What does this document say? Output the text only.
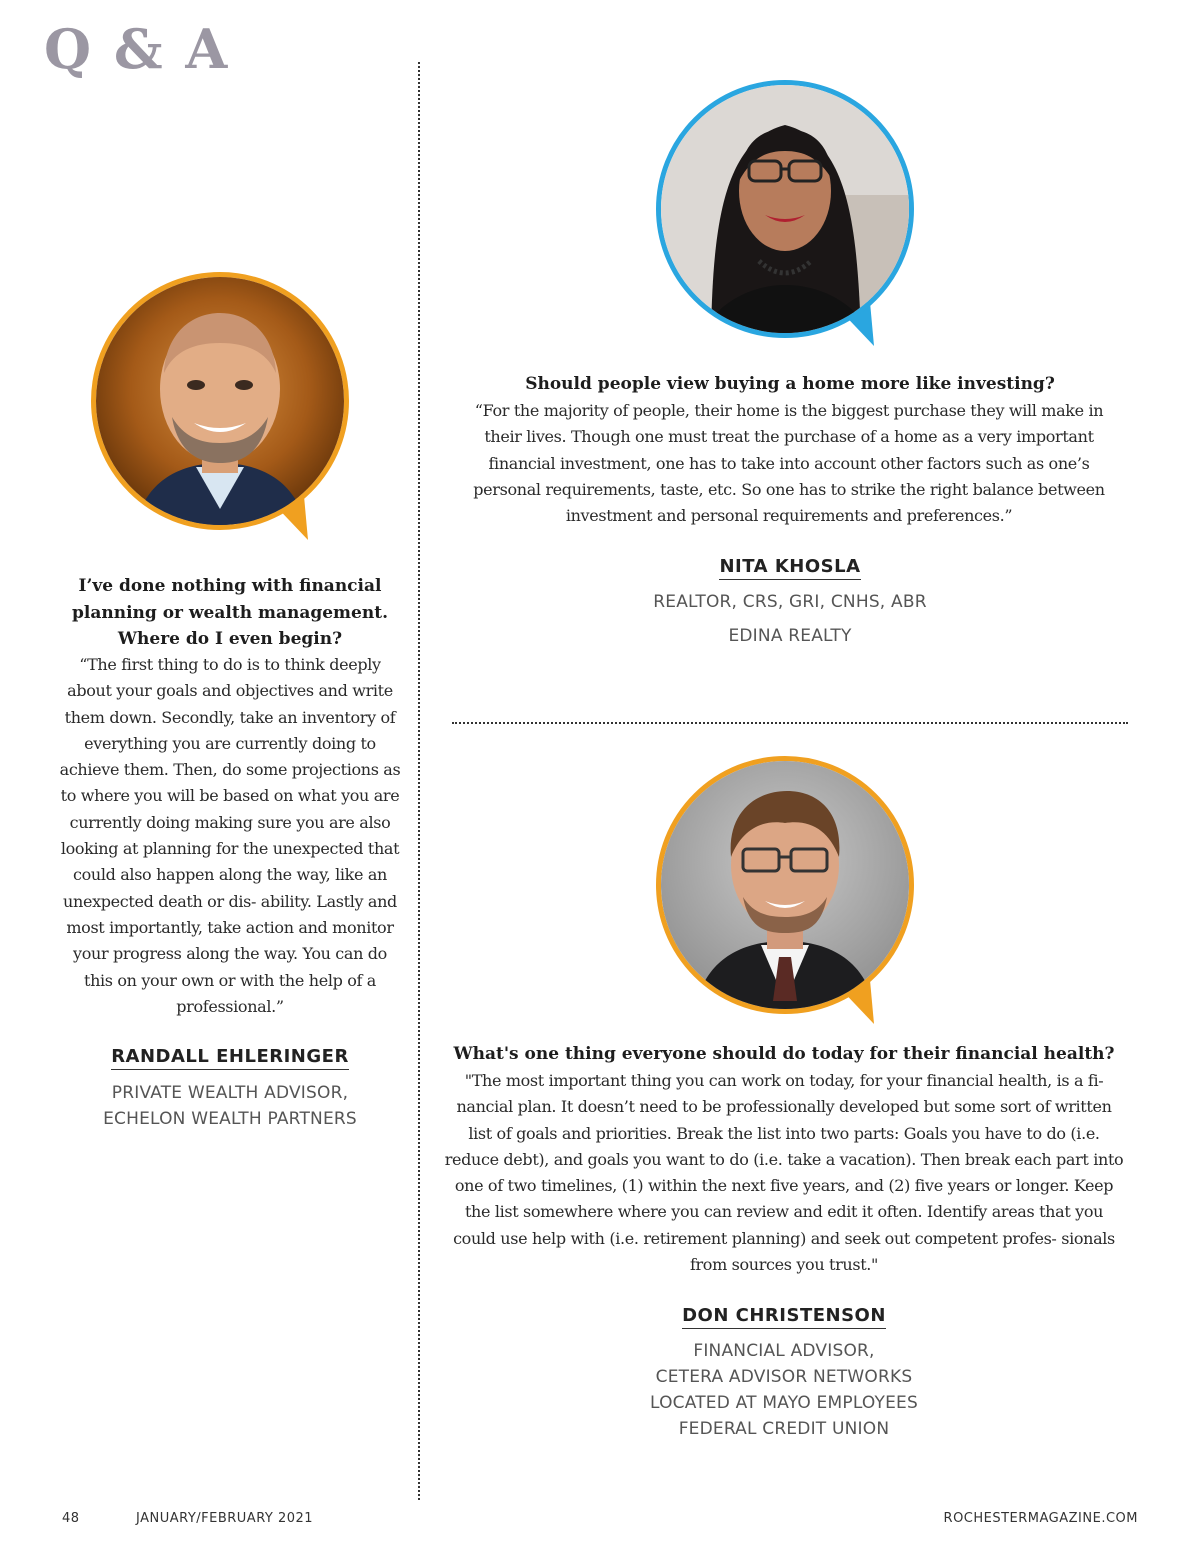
Q & A
I’ve done nothing with financial planning or wealth management. Where do I even begin?
“The first thing to do is to think deeply about your goals and objectives and write them down. Secondly, take an inventory of everything you are currently doing to achieve them. Then, do some projections as to where you will be based on what you are currently doing making sure you are also looking at planning for the unexpected that could also happen along the way, like an unexpected death or dis- ability. Lastly and most importantly, take action and monitor your progress along the way. You can do this on your own or with the help of a professional.”
RANDALL EHLERINGER
PRIVATE WEALTH ADVISOR,
ECHELON WEALTH PARTNERS
Should people view buying a home more like investing?
“For the majority of people, their home is the biggest purchase they will make in their lives. Though one must treat the purchase of a home as a very important financial investment, one has to take into account other factors such as one’s personal requirements, taste, etc. So one has to strike the right balance between investment and personal requirements and preferences.”
NITA KHOSLA
REALTOR, CRS, GRI, CNHS, ABR
EDINA REALTY
What's one thing everyone should do today for their financial health?
"The most important thing you can work on today, for your financial health, is a fi- nancial plan. It doesn’t need to be professionally developed but some sort of written list of goals and priorities. Break the list into two parts: Goals you have to do (i.e. reduce debt), and goals you want to do (i.e. take a vacation). Then break each part into one of two timelines, (1) within the next five years, and (2) five years or longer. Keep the list somewhere where you can review and edit it often. Identify areas that you could use help with (i.e. retirement planning) and seek out competent profes- sionals from sources you trust."
DON CHRISTENSON
FINANCIAL ADVISOR,
CETERA ADVISOR NETWORKS
LOCATED AT MAYO EMPLOYEES
FEDERAL CREDIT UNION
48	JANUARY/FEBRUARY 2021	ROCHESTERMAGAZINE.COM
